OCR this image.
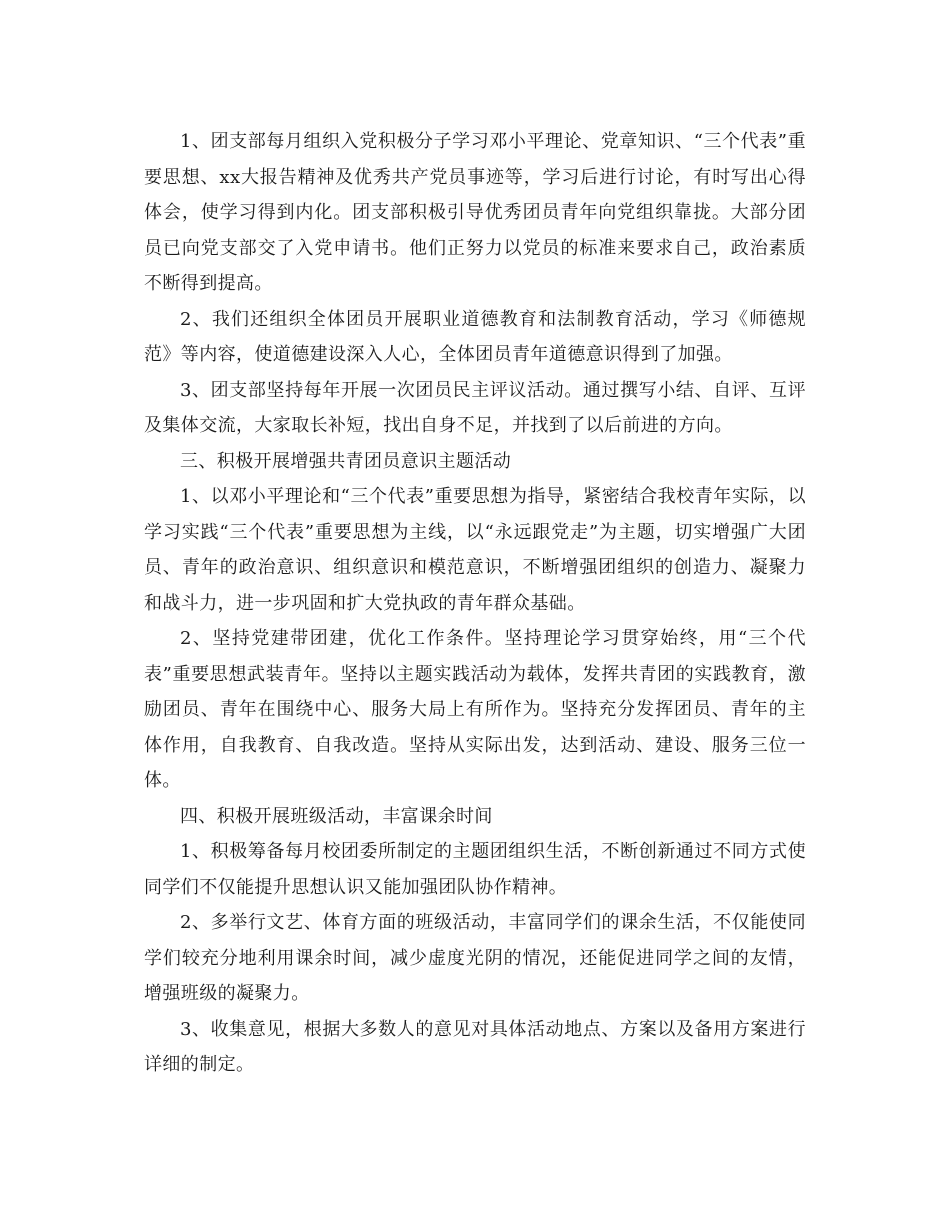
1、团支部每月组织入党积极分子学习邓小平理论、党章知识、“三个代表”重要思想、xx大报告精神及优秀共产党员事迹等，学习后进行讨论，有时写出心得体会，使学习得到内化。团支部积极引导优秀团员青年向党组织靠拢。大部分团员已向党支部交了入党申请书。他们正努力以党员的标准来要求自己，政治素质不断得到提高。

2、我们还组织全体团员开展职业道德教育和法制教育活动，学习《师德规范》等内容，使道德建设深入人心，全体团员青年道德意识得到了加强。

3、团支部坚持每年开展一次团员民主评议活动。通过撰写小结、自评、互评及集体交流，大家取长补短，找出自身不足，并找到了以后前进的方向。

三、积极开展增强共青团员意识主题活动

1、以邓小平理论和“三个代表”重要思想为指导，紧密结合我校青年实际，以学习实践“三个代表”重要思想为主线，以“永远跟党走”为主题，切实增强广大团员、青年的政治意识、组织意识和模范意识，不断增强团组织的创造力、凝聚力和战斗力，进一步巩固和扩大党执政的青年群众基础。

2、坚持党建带团建，优化工作条件。坚持理论学习贯穿始终，用“三个代表”重要思想武装青年。坚持以主题实践活动为载体，发挥共青团的实践教育，激励团员、青年在围绕中心、服务大局上有所作为。坚持充分发挥团员、青年的主体作用，自我教育、自我改造。坚持从实际出发，达到活动、建设、服务三位一体。

四、积极开展班级活动，丰富课余时间

1、积极筹备每月校团委所制定的主题团组织生活，不断创新通过不同方式使同学们不仅能提升思想认识又能加强团队协作精神。

2、多举行文艺、体育方面的班级活动，丰富同学们的课余生活，不仅能使同学们较充分地利用课余时间，减少虚度光阴的情况，还能促进同学之间的友情，增强班级的凝聚力。

3、收集意见，根据大多数人的意见对具体活动地点、方案以及备用方案进行详细的制定。
